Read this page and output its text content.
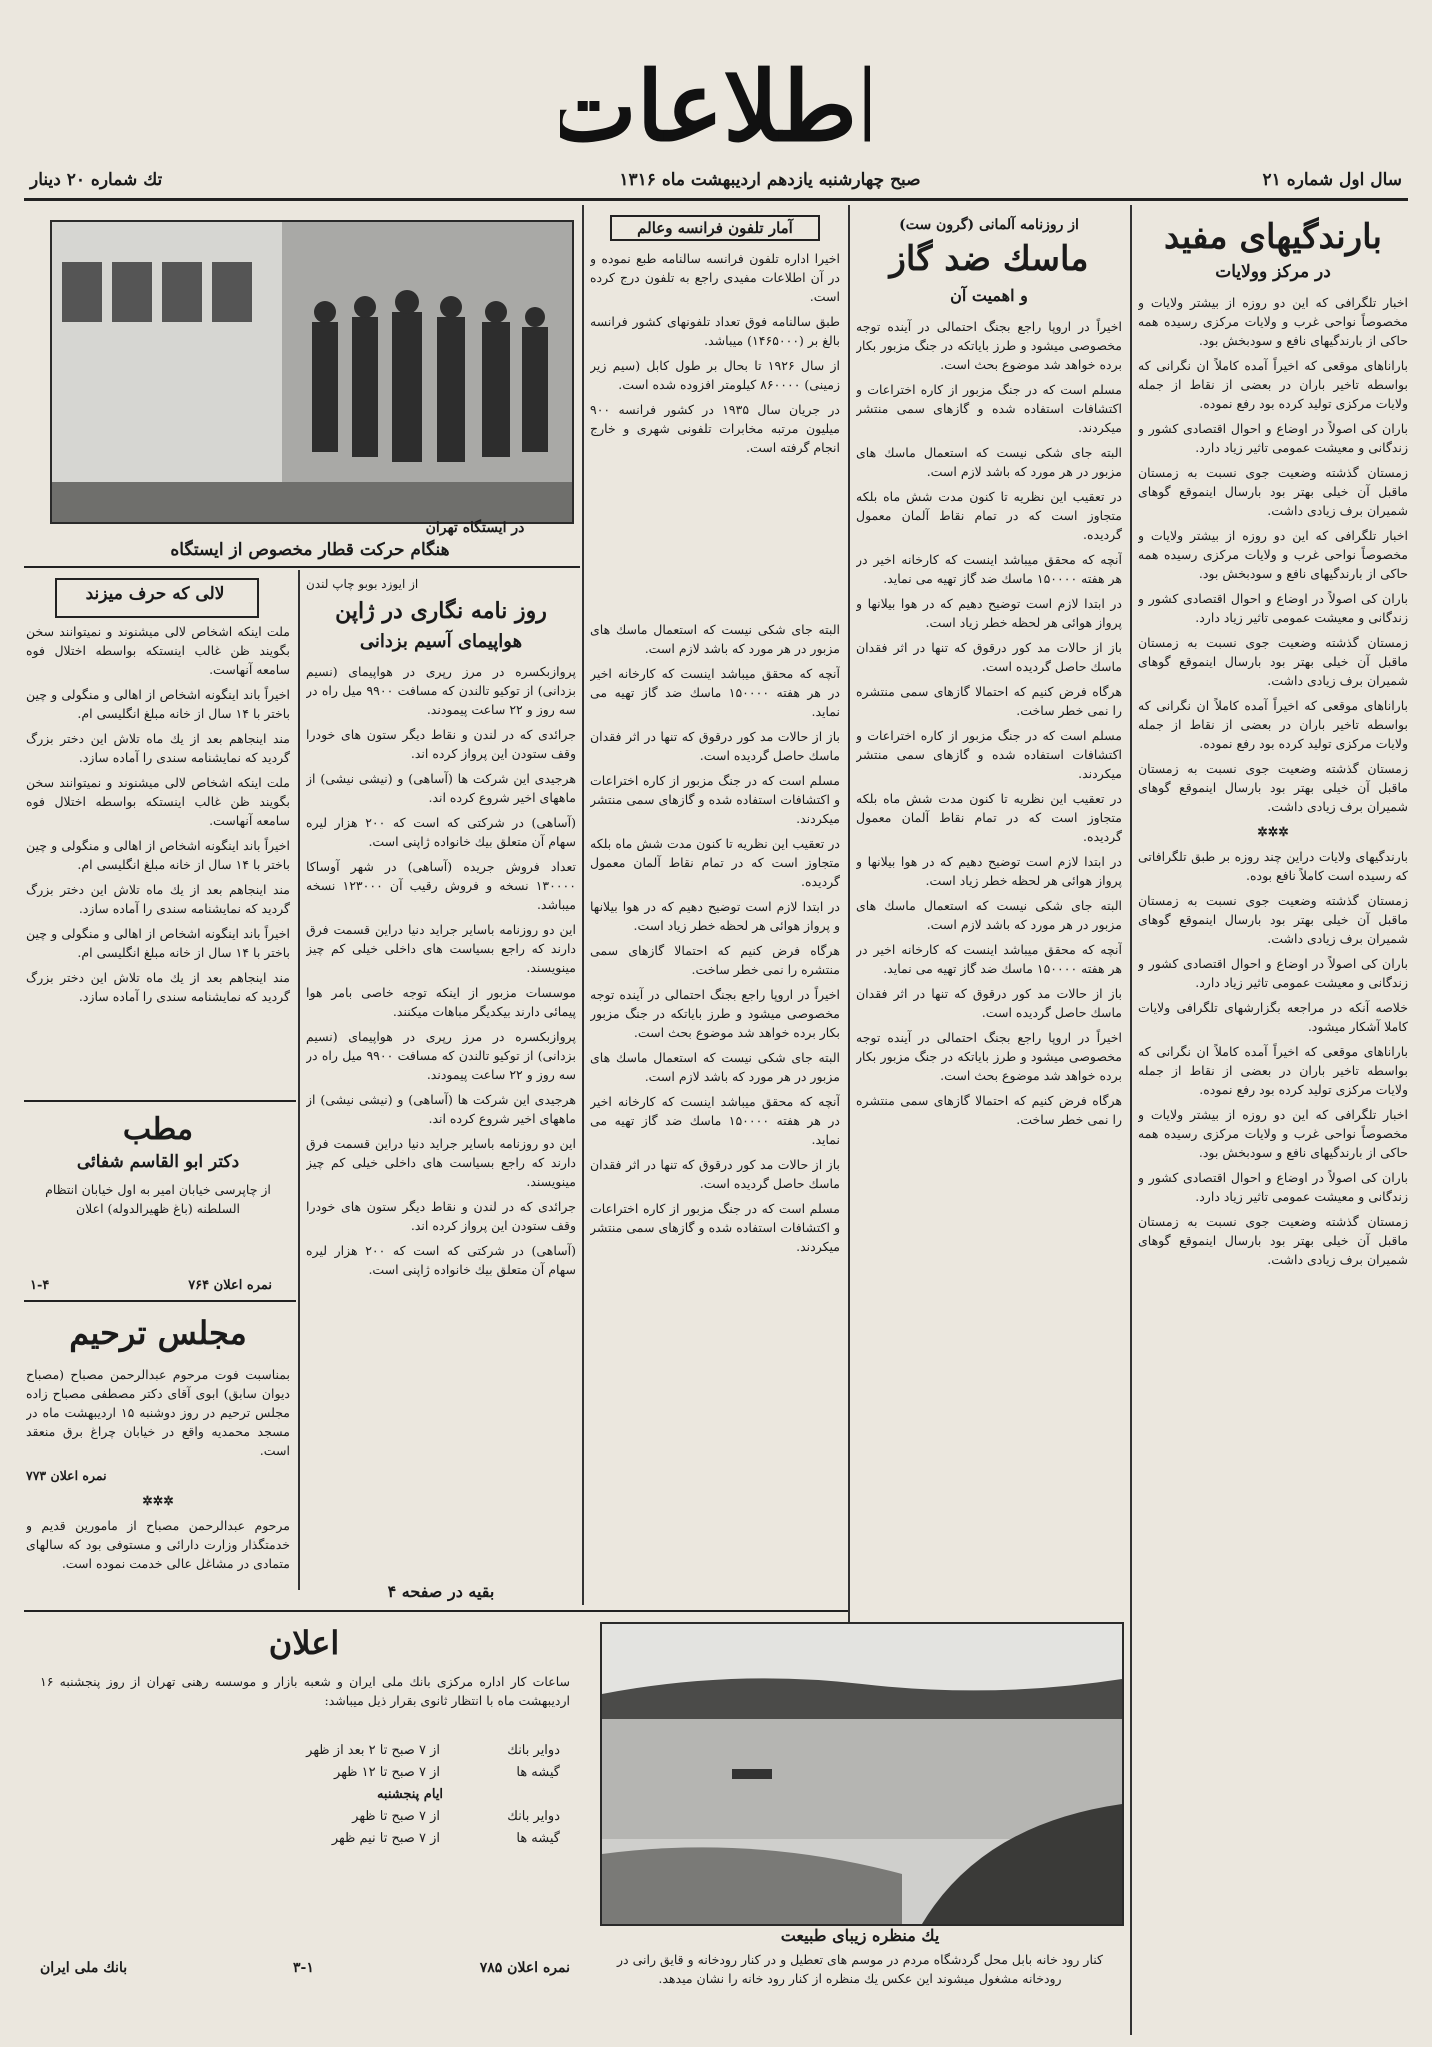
اطلاعات
تك شماره ۲۰ دينار	صبح چهارشنبه يازدهم ارديبهشت ماه ۱۳۱۶	سال اول شماره ۲۱
بارندگيهاى مفيد
در مركز وولايات

اخبار تلگرافى كه اين دو روزه از بيشتر ولايات و مخصوصاً نواحى غرب و ولايات مركزى رسيده همه حاكى از بارندگيهاى نافع و سودبخش بود.

باراناهاى موقعى كه اخيراً آمده كاملاً ان نگرانى كه بواسطه تاخير باران در بعضى از نقاط از جمله ولايات مركزى توليد كرده بود رفع نموده.

باران كى اصولاً در اوضاع و احوال اقتصادى كشور و زندگانى و معيشت عمومى تاثير زياد دارد.

زمستان گذشته وضعيت جوى نسبت به زمستان ماقبل آن خيلى بهتر بود بارسال اينموقع گوهاى شميران برف زيادى داشت.

اخبار تلگرافى كه اين دو روزه از بيشتر ولايات و مخصوصاً نواحى غرب و ولايات مركزى رسيده همه حاكى از بارندگيهاى نافع و سودبخش بود.

باران كى اصولاً در اوضاع و احوال اقتصادى كشور و زندگانى و معيشت عمومى تاثير زياد دارد.

زمستان گذشته وضعيت جوى نسبت به زمستان ماقبل آن خيلى بهتر بود بارسال اينموقع گوهاى شميران برف زيادى داشت.

باراناهاى موقعى كه اخيراً آمده كاملاً ان نگرانى كه بواسطه تاخير باران در بعضى از نقاط از جمله ولايات مركزى توليد كرده بود رفع نموده.

زمستان گذشته وضعيت جوى نسبت به زمستان ماقبل آن خيلى بهتر بود بارسال اينموقع گوهاى شميران برف زيادى داشت.

✲✲✲

بارندگيهاى ولايات دراين چند روزه بر طبق تلگرافاتى كه رسيده است كاملاً نافع بوده.

زمستان گذشته وضعيت جوى نسبت به زمستان ماقبل آن خيلى بهتر بود بارسال اينموقع گوهاى شميران برف زيادى داشت.

باران كى اصولاً در اوضاع و احوال اقتصادى كشور و زندگانى و معيشت عمومى تاثير زياد دارد.

خلاصه آنكه در مراجعه بگزارشهاى تلگرافى ولايات كاملا آشكار ميشود.

باراناهاى موقعى كه اخيراً آمده كاملاً ان نگرانى كه بواسطه تاخير باران در بعضى از نقاط از جمله ولايات مركزى توليد كرده بود رفع نموده.

اخبار تلگرافى كه اين دو روزه از بيشتر ولايات و مخصوصاً نواحى غرب و ولايات مركزى رسيده همه حاكى از بارندگيهاى نافع و سودبخش بود.

باران كى اصولاً در اوضاع و احوال اقتصادى كشور و زندگانى و معيشت عمومى تاثير زياد دارد.

زمستان گذشته وضعيت جوى نسبت به زمستان ماقبل آن خيلى بهتر بود بارسال اينموقع گوهاى شميران برف زيادى داشت.

از روزنامه آلمانى (گرون ست)
ماسك ضد گاز
و اهميت آن

اخيراً در اروپا راجع بجنگ احتمالى در آينده توجه مخصوصى ميشود و طرز باياتكه در جنگ مزبور بكار برده خواهد شد موضوع بحث است.

مسلم است كه در جنگ مزبور از كاره اختراعات و اكتشافات استفاده شده و گازهاى سمى منتشر ميكردند.

البته جاى شكى نيست كه استعمال ماسك هاى مزبور در هر مورد كه باشد لازم است.

در تعقيب اين نظريه تا كنون مدت شش ماه بلكه متجاوز است كه در تمام نقاط آلمان معمول گرديده.

آنچه كه محقق ميباشد اينست كه كارخانه اخير در هر هفته ۱۵۰۰۰۰ ماسك ضد گاز تهيه مى نمايد.

در ابتدا لازم است توضيح دهيم كه در هوا بيلانها و پرواز هوائى هر لحظه خطر زياد است.

باز از حالات مد كور درقوق كه تنها در اثر فقدان ماسك حاصل گرديده است.

هرگاه فرض كنيم كه احتمالا گازهاى سمى منتشره را نمى خطر ساخت.

مسلم است كه در جنگ مزبور از كاره اختراعات و اكتشافات استفاده شده و گازهاى سمى منتشر ميكردند.

در تعقيب اين نظريه تا كنون مدت شش ماه بلكه متجاوز است كه در تمام نقاط آلمان معمول گرديده.

در ابتدا لازم است توضيح دهيم كه در هوا بيلانها و پرواز هوائى هر لحظه خطر زياد است.

البته جاى شكى نيست كه استعمال ماسك هاى مزبور در هر مورد كه باشد لازم است.

آنچه كه محقق ميباشد اينست كه كارخانه اخير در هر هفته ۱۵۰۰۰۰ ماسك ضد گاز تهيه مى نمايد.

باز از حالات مد كور درقوق كه تنها در اثر فقدان ماسك حاصل گرديده است.

اخيراً در اروپا راجع بجنگ احتمالى در آينده توجه مخصوصى ميشود و طرز باياتكه در جنگ مزبور بكار برده خواهد شد موضوع بحث است.

هرگاه فرض كنيم كه احتمالا گازهاى سمى منتشره را نمى خطر ساخت.

آمار تلفون فرانسه وعالم

اخيرا اداره تلفون فرانسه سالنامه طبع نموده و در آن اطلاعات مفيدى راجع به تلفون درج كرده است.

طبق سالنامه فوق تعداد تلفونهاى كشور فرانسه بالغ بر (۱۴۶۵۰۰۰) ميباشد.

از سال ۱۹۲۶ تا بحال بر طول كابل (سيم زير زمينى) ۸۶۰۰۰۰ كيلومتر افزوده شده است.

در جريان سال ۱۹۳۵ در كشور فرانسه ۹۰۰ ميليون مرتبه مخابرات تلفونى شهرى و خارج انجام گرفته است.

البته جاى شكى نيست كه استعمال ماسك هاى مزبور در هر مورد كه باشد لازم است.

آنچه كه محقق ميباشد اينست كه كارخانه اخير در هر هفته ۱۵۰۰۰۰ ماسك ضد گاز تهيه مى نمايد.

باز از حالات مد كور درقوق كه تنها در اثر فقدان ماسك حاصل گرديده است.

مسلم است كه در جنگ مزبور از كاره اختراعات و اكتشافات استفاده شده و گازهاى سمى منتشر ميكردند.

در تعقيب اين نظريه تا كنون مدت شش ماه بلكه متجاوز است كه در تمام نقاط آلمان معمول گرديده.

در ابتدا لازم است توضيح دهيم كه در هوا بيلانها و پرواز هوائى هر لحظه خطر زياد است.

هرگاه فرض كنيم كه احتمالا گازهاى سمى منتشره را نمى خطر ساخت.

اخيراً در اروپا راجع بجنگ احتمالى در آينده توجه مخصوصى ميشود و طرز باياتكه در جنگ مزبور بكار برده خواهد شد موضوع بحث است.

البته جاى شكى نيست كه استعمال ماسك هاى مزبور در هر مورد كه باشد لازم است.

آنچه كه محقق ميباشد اينست كه كارخانه اخير در هر هفته ۱۵۰۰۰۰ ماسك ضد گاز تهيه مى نمايد.

باز از حالات مد كور درقوق كه تنها در اثر فقدان ماسك حاصل گرديده است.

مسلم است كه در جنگ مزبور از كاره اختراعات و اكتشافات استفاده شده و گازهاى سمى منتشر ميكردند.

در ايستگاه تهران
هنگام حركت قطار مخصوص از ايستگاه
از ايوزد بوبو چاپ لندن
روز نامه نگارى در ژاپن
هواپيماى آسيم بزدانى

پروازبكسره در مرز رپرى در هواپيماى (نسيم بزدانى) از توكيو تالندن كه مسافت ۹۹۰۰ ميل راه در سه روز و ۲۲ ساعت پيمودند.

جرائدى كه در لندن و نقاط ديگر ستون هاى خودرا وقف ستودن اين پرواز كرده اند.

هرجيدى اين شركت ها (آساهى) و (نيشى نيشى) از ماههاى اخير شروع كرده اند.

(آساهى) در شركتى كه است كه ۲۰۰ هزار ليره سهام آن متعلق بيك خانواده ژاپنى است.

تعداد فروش جريده (آساهى) در شهر آوساكا ۱۳۰۰۰۰ نسخه و فروش رقيب آن ۱۲۳۰۰۰ نسخه ميباشد.

اين دو روزنامه باساير جرايد دنيا دراين قسمت فرق دارند كه راجع بسياست هاى داخلى خيلى كم چيز مينويسند.

موسسات مزبور از اينكه توجه خاصى بامر هوا پيمائى دارند بيكديگر مباهات ميكنند.

پروازبكسره در مرز رپرى در هواپيماى (نسيم بزدانى) از توكيو تالندن كه مسافت ۹۹۰۰ ميل راه در سه روز و ۲۲ ساعت پيمودند.

هرجيدى اين شركت ها (آساهى) و (نيشى نيشى) از ماههاى اخير شروع كرده اند.

اين دو روزنامه باساير جرايد دنيا دراين قسمت فرق دارند كه راجع بسياست هاى داخلى خيلى كم چيز مينويسند.

جرائدى كه در لندن و نقاط ديگر ستون هاى خودرا وقف ستودن اين پرواز كرده اند.

(آساهى) در شركتى كه است كه ۲۰۰ هزار ليره سهام آن متعلق بيك خانواده ژاپنى است.

بقيه در صفحه ۴
لالى كه حرف ميزند

ملت اينكه اشخاص لالى ميشنوند و نميتوانند سخن بگويند ظن غالب اينستكه بواسطه اختلال فوه سامعه آنهاست.

اخيراً باند اينگونه اشخاص از اهالى و منگولى و چين باختر با ۱۴ سال از خانه مبلغ انگليسى ام.

مند اينجاهم بعد از يك ماه تلاش اين دختر بزرگ گرديد كه نمايشنامه سندى را آماده سازد.

ملت اينكه اشخاص لالى ميشنوند و نميتوانند سخن بگويند ظن غالب اينستكه بواسطه اختلال فوه سامعه آنهاست.

اخيراً باند اينگونه اشخاص از اهالى و منگولى و چين باختر با ۱۴ سال از خانه مبلغ انگليسى ام.

مند اينجاهم بعد از يك ماه تلاش اين دختر بزرگ گرديد كه نمايشنامه سندى را آماده سازد.

اخيراً باند اينگونه اشخاص از اهالى و منگولى و چين باختر با ۱۴ سال از خانه مبلغ انگليسى ام.

مند اينجاهم بعد از يك ماه تلاش اين دختر بزرگ گرديد كه نمايشنامه سندى را آماده سازد.

مطب
دكتر ابو القاسم شفائى
از چاپرسى خيابان امير به اول خيابان انتظام السلطنه (باغ ظهيرالدوله) اعلان
نمره اعلان ۷۶۴
۱-۴
مجلس ترحيم

بمناسبت فوت مرحوم عبدالرحمن مصباح (مصباح ديوان سابق) ابوى آقاى دكتر مصطفى مصباح زاده مجلس ترحيم در روز دوشنبه ۱۵ ارديبهشت ماه در مسجد محمديه واقع در خيابان چراغ برق منعقد است.

نمره اعلان ۷۷۳

✲✲✲

مرحوم عبدالرحمن مصباح از مامورين قديم و خدمتگذار وزارت دارائى و مستوفى بود كه سالهاى متمادى در مشاغل عالى خدمت نموده است.

اعلان
ساعات كار اداره مركزى بانك ملى ايران و شعبه بازار و موسسه رهنى تهران از روز پنجشنبه ۱۶ ارديبهشت ماه با انتظار ثانوى بقرار ذيل ميباشد:
دواير بانكاز ۷ صبح تا ۲ بعد از ظهر
گيشه هااز ۷ صبح تا ۱۲ ظهر
ايام پنجشنبه
دواير بانكاز ۷ صبح تا ظهر
گيشه هااز ۷ صبح تا نيم ظهر
نمره اعلان ۷۸۵
۳-۱
بانك ملى ايران
يك منظره زيباى طبيعت
كنار رود خانه بابل محل گردشگاه مردم در موسم هاى تعطيل و در كنار رودخانه و قايق رانى در رودخانه مشغول ميشوند اين عكس يك منظره از كنار رود خانه را نشان ميدهد.
